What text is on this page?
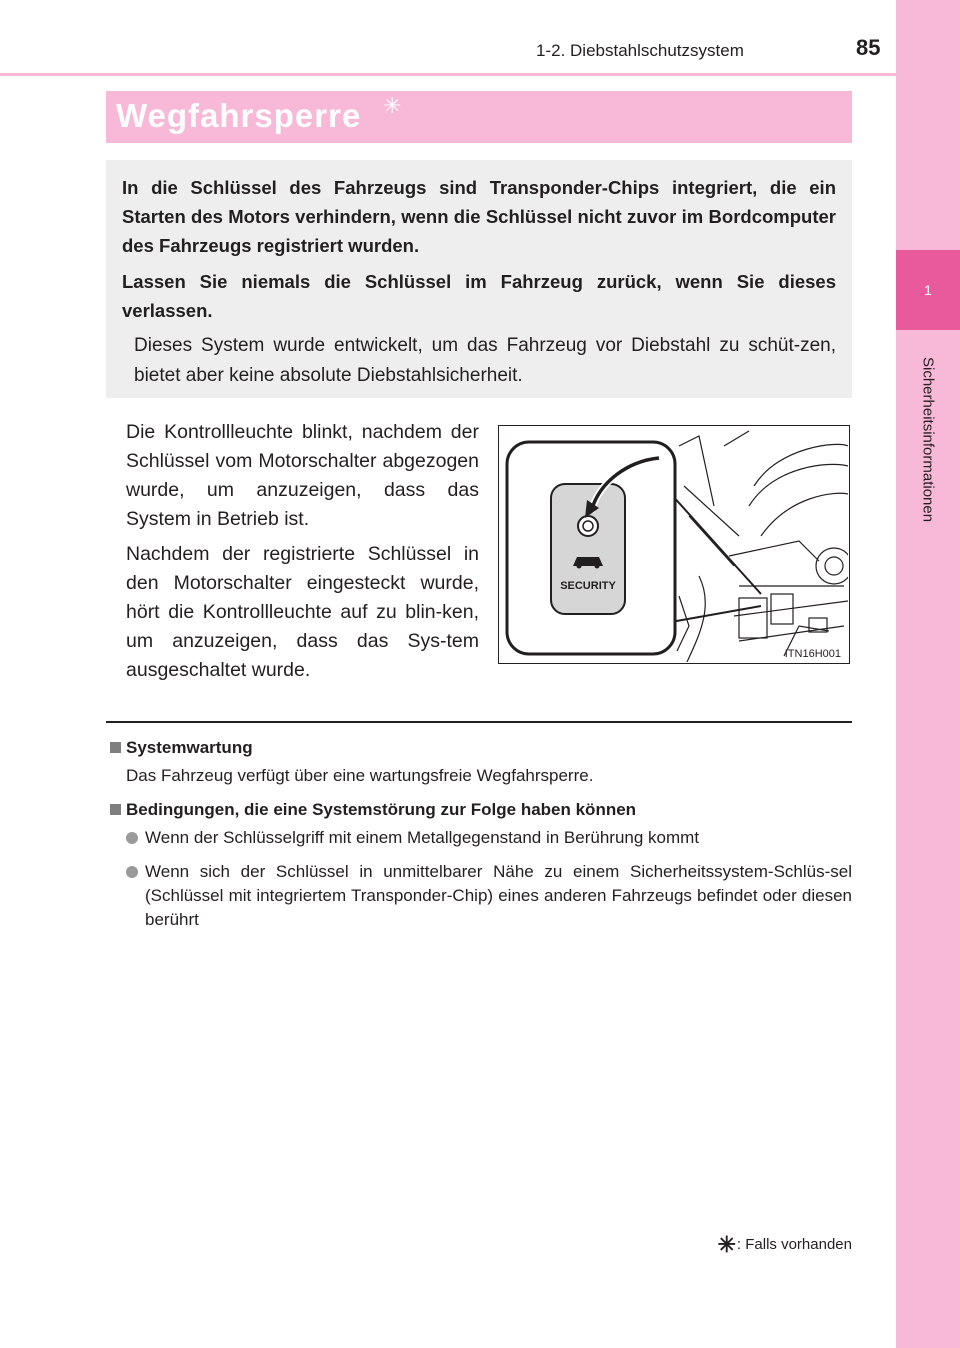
1
Sicherheitsinformationen
1-2. Diebstahlschutzsystem	85
Wegfahrsperre ✳
In die Schlüssel des Fahrzeugs sind Transponder-Chips integriert, die ein Starten des Motors verhindern, wenn die Schlüssel nicht zuvor im Bordcomputer des Fahrzeugs registriert wurden.
Lassen Sie niemals die Schlüssel im Fahrzeug zurück, wenn Sie dieses verlassen.
Dieses System wurde entwickelt, um das Fahrzeug vor Diebstahl zu schüt-zen, bietet aber keine absolute Diebstahlsicherheit.
Die Kontrollleuchte blinkt, nachdem der Schlüssel vom Motorschalter abgezogen wurde, um anzuzeigen, dass das System in Betrieb ist.
Nachdem der registrierte Schlüssel in den Motorschalter eingesteckt wurde, hört die Kontrollleuchte auf zu blin-ken, um anzuzeigen, dass das Sys-tem ausgeschaltet wurde.
SECURITY
ITN16H001
Systemwartung
Das Fahrzeug verfügt über eine wartungsfreie Wegfahrsperre.
Bedingungen, die eine Systemstörung zur Folge haben können
Wenn der Schlüsselgriff mit einem Metallgegenstand in Berührung kommt
Wenn sich der Schlüssel in unmittelbarer Nähe zu einem Sicherheitssystem-Schlüs-sel (Schlüssel mit integriertem Transponder-Chip) eines anderen Fahrzeugs befindet oder diesen berührt
✳ : Falls vorhanden
